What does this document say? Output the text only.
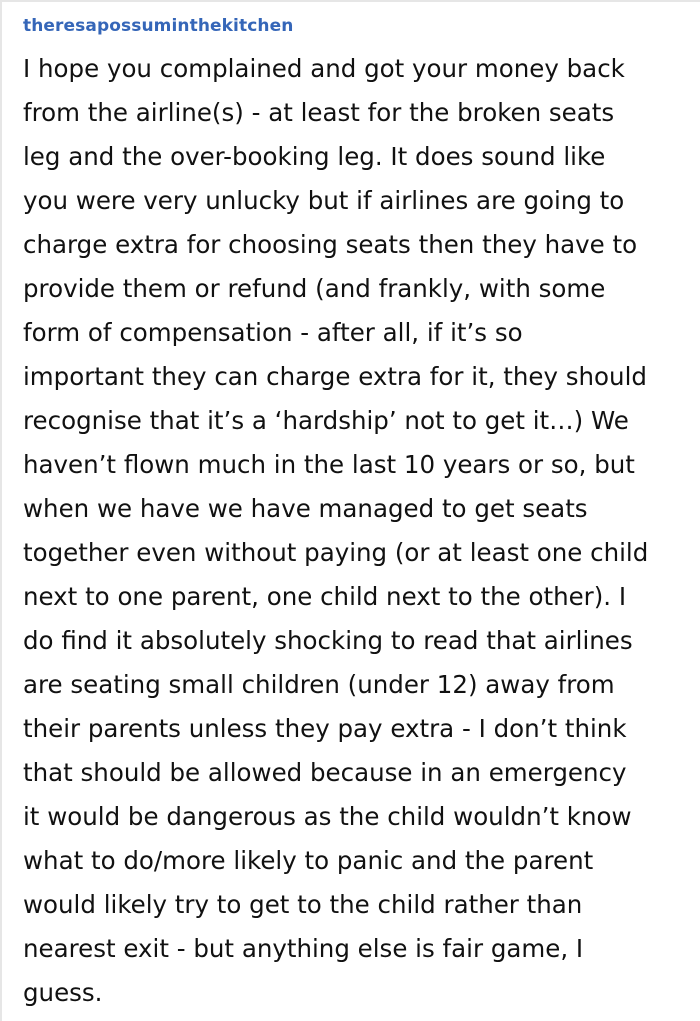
theresapossuminthekitchen
I hope you complained and got your money back
from the airline(s) - at least for the broken seats
leg and the over-booking leg. It does sound like
you were very unlucky but if airlines are going to
charge extra for choosing seats then they have to
provide them or refund (and frankly, with some
form of compensation - after all, if it’s so
important they can charge extra for it, they should
recognise that it’s a ‘hardship’ not to get it…) We
haven’t flown much in the last 10 years or so, but
when we have we have managed to get seats
together even without paying (or at least one child
next to one parent, one child next to the other). I
do find it absolutely shocking to read that airlines
are seating small children (under 12) away from
their parents unless they pay extra - I don’t think
that should be allowed because in an emergency
it would be dangerous as the child wouldn’t know
what to do/more likely to panic and the parent
would likely try to get to the child rather than
nearest exit - but anything else is fair game, I
guess.
